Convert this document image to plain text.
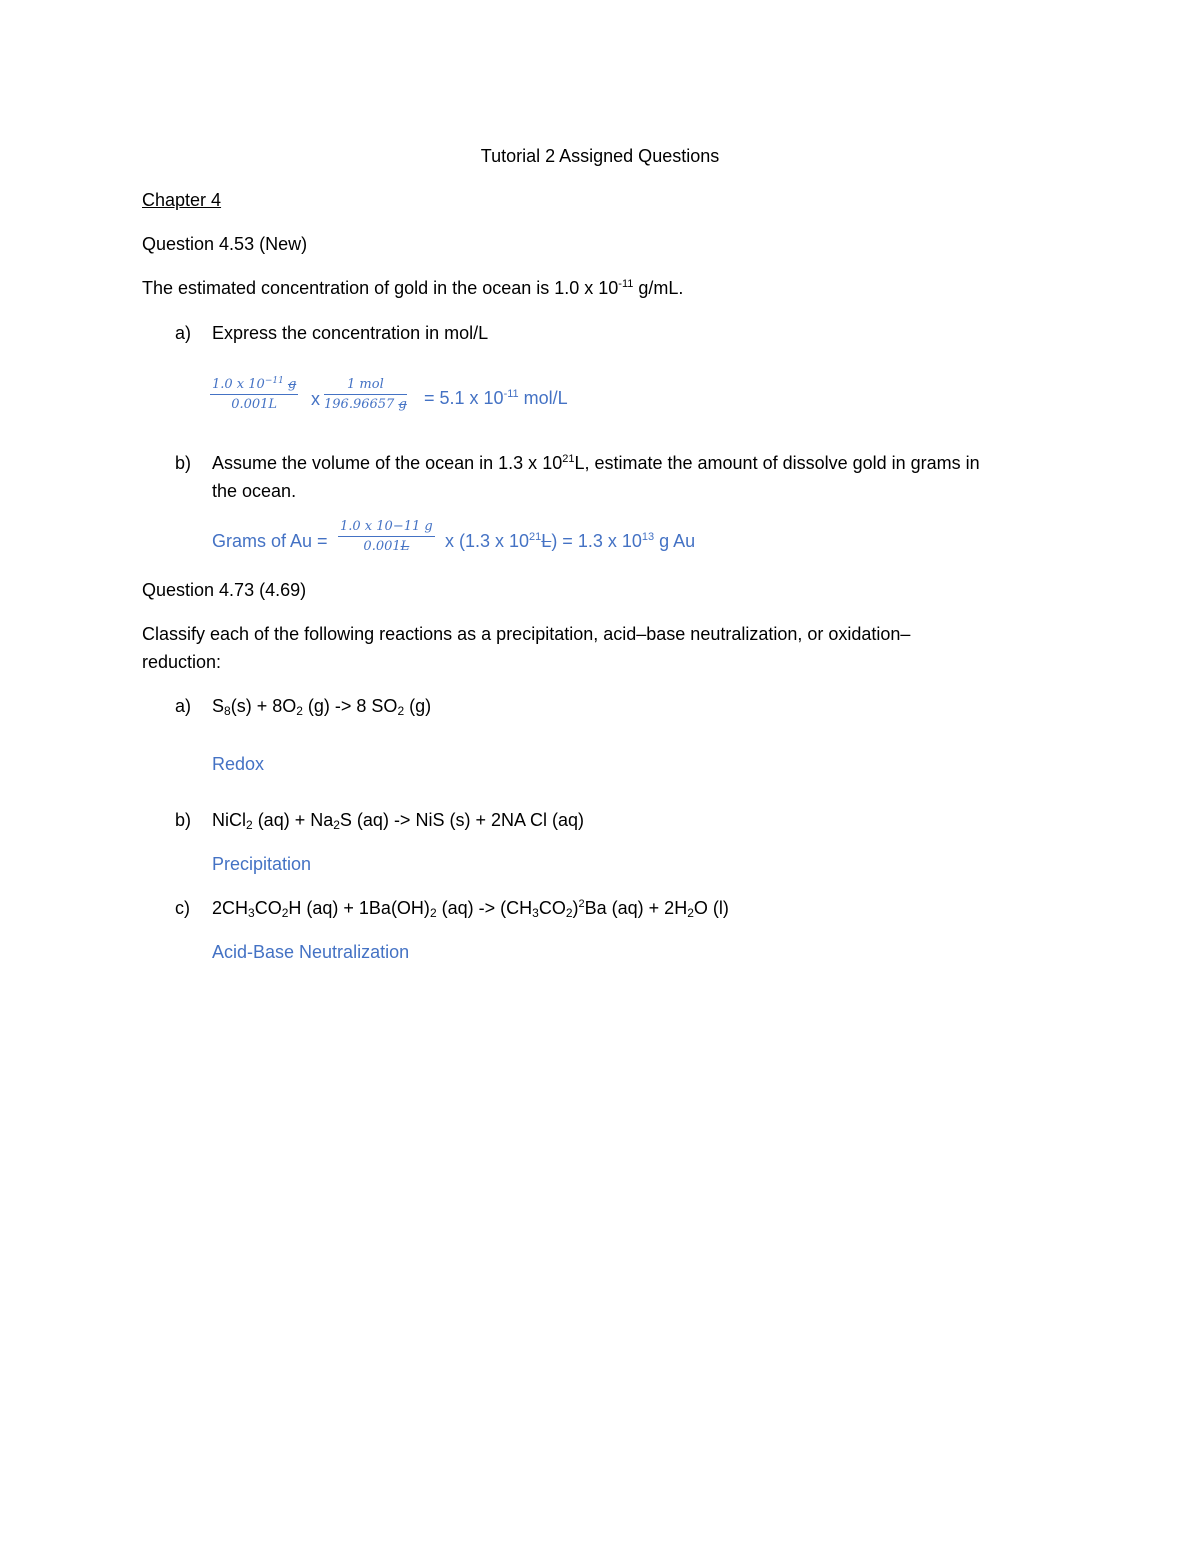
Tutorial 2 Assigned Questions
Chapter 4
Question 4.53 (New)
The estimated concentration of gold in the ocean is 1.0 x $10^{-11}$ g/mL.
a) Express the concentration in mol/L
$\frac{1.0 x 10^{-11} g}{0.001L}$ x
1 mol
196.96657 g = 5.1 x $10^{-11}$ mol/L
b) Assume the volume of the ocean in 1.3 x $10^{21}L$, estimate the amount of dissolve gold in grams in
the ocean.
Grams of $Au = \frac{1.0 x 10-11 g}{0.001L}$ x (1.3 x $10^{21}L) = 1.3$ x $10^{13}$ g Au
Question 4.73 (4.69)
Classify each of the following reactions as a precipitation, acid–base neutralization, or oxidation–
reduction:
a) $S_8(s) + 8O_2$ (g) -> 8 $SO_2$ (g)
Redox
b) NiCl$_2$ $(aq) + Na_2S$ (aq) -> NiS (s) + 2NA Cl (aq)
Precipitation
c) $2CH_3CO_2H$ $(aq) + 1Ba(OH)_2$ $(aq) -> (CH_3CO_2)^2Ba$ $(aq) + 2H_2O$ (l)
Acid-Base Neutralization
